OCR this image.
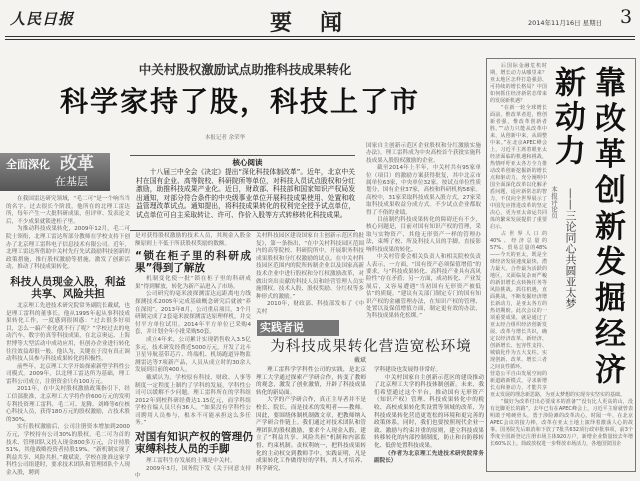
人民日报	要闻	2014年11月16日 星期日 3
中关村股权激励试点助推科技成果转化
科学家持了股，科技上了市
本报记者 余荣华
全面深化 改革
在基层
核心阅读
十八届三中全会《决定》提出“深化科技体制改革”。近年，北京中关村在国有企业、高等院校、科研院所等单位，对科技人员试点股权和分红激励，助推科技成果产业化。近日，财政部、科技部和国家知识产权局发出通知，对部分符合条件的中央级事业单位开展科技成果使用、处置和收益管理改革试点。通知提出，将科技成果转化的权利完全授予试点单位，试点单位可自主采取转让、许可、作价入股等方式转移转化科技成果。

在我国雷达研究领域，“毛二可”是一个响当当的名字。过去很长个阶段，他所在的北理工雷达所，每年产生一大批科研成果，但评审、发表论文后，不少成果就锁进柜子里。

为推动科技成果转化，2009年12月，毛二可院士领衔，北理工雷达所部分教师在学校支持下创办了北京理工雷科电子信息技术有限公司。近年，北理工雷达所借助中关村先行先试鼓励科技创新的政策措施，推行股权激励等措施，激发了创新活动，推动了科技成果转化。

科技人员现金入股，利益共享、风险共担

北京理工先进技术研究院常务副院长戴斌，也是理工雷科的董事长。他从1995年起从事科技成果转化工作，一度感到很困惑：“过去很多好项目，怎么一搞产业化就不行了呢？”学校过去的电动汽车、数字仿真等科技成果，在北京奥运、上海世博等大型活动中成功应用，但创办企业进行转化往往效益却很一般。他认为，关键在于没有真正调动科技人员参与科技成果转化的积极性。

前些年，北京理工大学开始探索新型学科性公司模式。2009年，以北理工雷达所为基础，理工雷科公司成立，注册资金只有100万元。

2011年，在中关村股权激励政策指引下，经工信部批准，北京理工大学将作价600万元的发明专利投资理工雷科，毛二可、龙腾、刘峰等6位核心科技人员，获得180万元的股权激励，占技术股的30%。

实行股权激励后，公司注册资本增加到2000万元，学校持有公司30%的股权，毛二可为首的技术、管理团队又投入现金800多万元，合计持股51%，其他战略投资者持股19%。“新机制实现了利益共享、风险共担。”戴斌说，学校在批准这家学科性公司组建时，要求技术团队和管理团队个人现金入股，聘到

是对获得股权激励的技术人员，其现金入股金额原则上不低于所获股权奖励的数额。

“锁在柜子里的科研成果”得到了解放

机制变化使一批“锁在柜子里的科研成果”得到解放，转化为新产品进入了市场。

公司研究的毫米波探测雷达远距离电力线探测技术2005年完成基础概念研究后就被“养在深闺”。2013年8月，公司重启项目，3个月研制完成了2套毫米波探测雷达原理样机，并交付平方单位试用。2014年平方单位已采购4套，并计划全年小批采购50套。

成立4年来，公司累计实现销售收入3.5亿多元，技术研发经费近5000万元，开发了北斗卫星导航基带芯片、终端机、机场跑道异物监测雷达等7项新产品，人员从成立时的30余人发展到目前的400人。

戴斌认为，学校原有科技、财政、人事等制度一定程度上制约了学科的发展，学科性公司可以缓解不少问题。理工雷科所在的学科组2012年到校科研经费达1.15亿元，而学科组学校在编人员只有36人。“如果没有学科性公司聘用人员参与，根本不可能承担这么多任务。”

对国有知识产权的管理仍束缚科技人员的手脚

理工雷科生存发展的土壤是中关村。

2009年3月，国务院下发《关于同意支持中

关村科技园区建设国家自主创新示范区的批复》，第一条指出，“在中关村科技园区范围内的高等院校、科研院所中，开展职务科技成果股权和分红权激励的试点。在中关村科技园区范围内的院所转制企业以及国家高新技术企业中进行股权和分红权激励改革，对做出突出贡献的科技人员和经营管理人员实施期权、技术入股、股权奖励、分红权等多种形式的激励。”

2010年，财政部、科技部发布了《中关村

国家自主创新示范区企业股权和分红激励实施办法》，理工雷科成为中央高校首个获批实施科技成果入股股权激励的企业。

截至2014年上半年，中关村共有95家单位（项目）的激励方案获得批复，其中北京市属单位63家，中央单位32家。按试点单位性质划分，国有企业37家，高校和科研机构58家。高校中，31家采取科技成果入股方式，27家采取科技成果收益分成方式。不少试点企业都取得了不俗的业绩。

目前制约科技成果转化的障碍还有不少，核心问题是，目前对国有知识产权的管理，采取与实物资产、其他无形资产一样的管理办法，束缚了校、所及科技人员的手脚，直接影响科技成果的转化。

中关村管委会相关负责人和相关院校负责人表示，一方面，“国有资产必须保值增值”的要求，与“科技成果转化、高科技产业具有高风险性”存在矛盾；另一方面，成功转化、产业发展后，又容易遭遇“当初国有无形资产被低估”的质疑。“建议有关部门制定专门的国有知识产权的金融管理办法，在知识产权的管理、处置以及保值增值方面，制定更有效的办法，为科技成果转化松绑。”

实践者说
为科技成果转化营造宽松环境
戴斌

理工雷科学学科性公司的实践，是北京理工大学通过探索产学研合作，转变了教师的观念，激发了创业激情，开辟了科技成果转化的新局面。

大学的产学研合作，真正主导者并不是校长、院长，而是技术的发明者——教师。因此，要围绕体制机制做文章，把教师纳入产学研合作链上。我们通过对技术团队和管理团队的股权激励，要求个人现金入股，建立了“利益共享、风险共担”机制和内部监督、约束机制。责权利统一，把科技成果转化的主动权交到教师手中。实践证明，凡是成果转化工作做得好的学科，其人才培养、科学研究、

学科建设也发展得非常好。

中关村国家自主创新示范区的建设推动了北京理工大学的科技体制创新。未来，我们希望通过这个平台，推动国有无形资产（知识产权）管理、科技成果转化中的税收、高校成果转化奖设置等领域的改革，为科技成果转化营造更宽松的环境和更完善的政策体系。同时，我们也要按照现代企业一致、激励与约束并重的原则，建立科技成果转移转化的内部控制制度，防止和自防移转化、低价处置科技成果。

（作者为北京理工先进技术研究院常务副院长）

靠改革创新发掘经济新动力
——三论同心共圆亚太梦
本报评论员

后国际金融危机时期，增长动力从哪里来？亚太地区怎样打造强劲、可持续的增长格局？中国如何抓住经济新常态带来的发展新机遇？

“在新一轮全球增长面前，惟改革者进，惟创新者强，惟改革创新者胜。”“动力只能从改革中来，从创新中来，从调整中来。”在北京APEC峰会上，习近平主席着眼亚太经济面临的机遇和挑战，热情呼吁亚太各方全力推动改革创新挖掘新的增长点和驱动力，充分阐明中国全面深化改革以化解矛盾问题，适应新常态的智力，不仅向全世界展示了中国先应推进改革的坚定决心，更为亚太命运共同体的繁荣发展提供了重要启示。

占世界人口的40%、经济总量的57%、贸易总量的48%——今天的亚太，既是全球经济发展速度最快、潜力最大、合作最为活跃的地区，又面临复杂而严峻的新旧增长点转换任务等风险挑战。抓住机遇，直面挑战，不断发掘经济增长新动力，是亚太各方的热切期盼。此次会议的一项重要成果，就是通过了亚太经合组织经济创新发展、改革与增长共识，确定以经济改革、新经济、创新增长、包容性支持、城镇化作为五大支柱。实现创新、改革、增长三者之间良性循环。

营造公平自由发展空间的新道路新模式，寻求新增长点和驱动力，才能共享亚太发展的理念新思路，为亚太梦想的实现夯实坚实的基础。

“做好为改革付出必要成本的准备”“没有比人更高的山，没有比脚更长的路”，去年已有在APEC峰会上，习近平主席就曾表明敢于啃硬骨头，勇于涉险滩的改革决心。时隔一年，在北京APEC会议的接力棒，改革在亚太土地上演绎着激荡人心的故事。国务院先后取消和下放了7批共632项行政审批事项，前3个季度全国新登记注册市场主体920万户，新增企业数量较去年增长60%以上。简政放权进一步释放市场活力，各地国资国企
